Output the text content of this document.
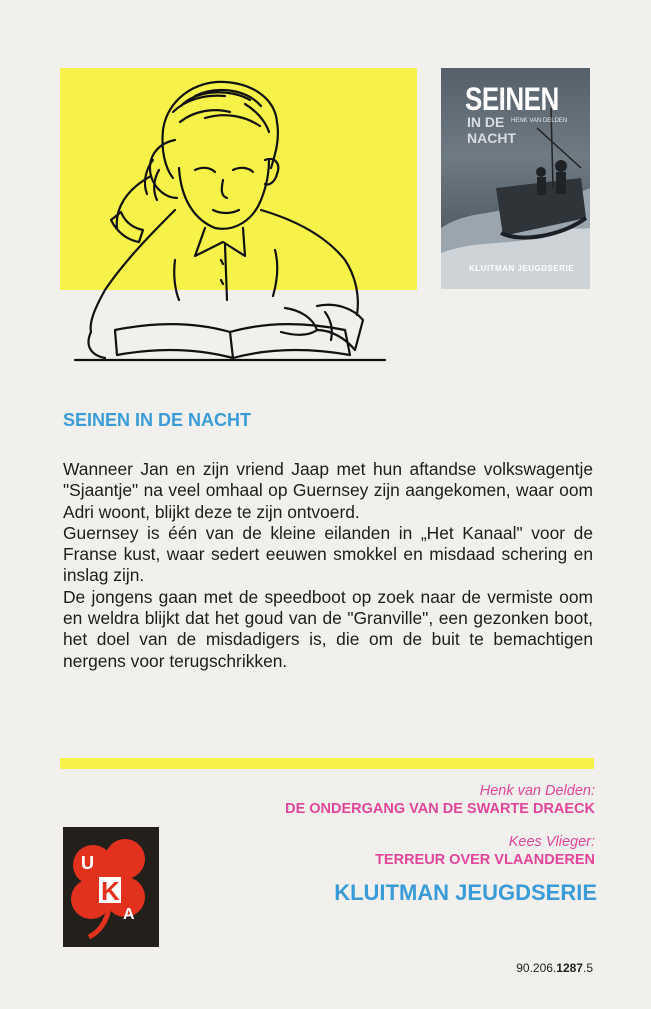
SEINEN
IN DE NACHT
HENK VAN DELDEN
KLUITMAN JEUGDSERIE
SEINEN IN DE NACHT

Wanneer Jan en zijn vriend Jaap met hun aftandse volkswagentje "Sjaantje" na veel omhaal op Guernsey zijn aangekomen, waar oom Adri woont, blijkt deze te zijn ontvoerd.

Guernsey is één van de kleine eilanden in „Het Kanaal" voor de Franse kust, waar sedert eeuwen smokkel en misdaad schering en inslag zijn.

De jongens gaan met de speedboot op zoek naar de vermiste oom en weldra blijkt dat het goud van de "Granville", een gezonken boot, het doel van de misdadigers is, die om de buit te bemachtigen nergens voor terugschrikken.

Henk van Delden:

DE ONDERGANG VAN DE SWARTE DRAECK

Kees Vlieger:

TERREUR OVER VLAANDEREN

U
K
A
KLUITMAN JEUGDSERIE
90.206.1287.5
